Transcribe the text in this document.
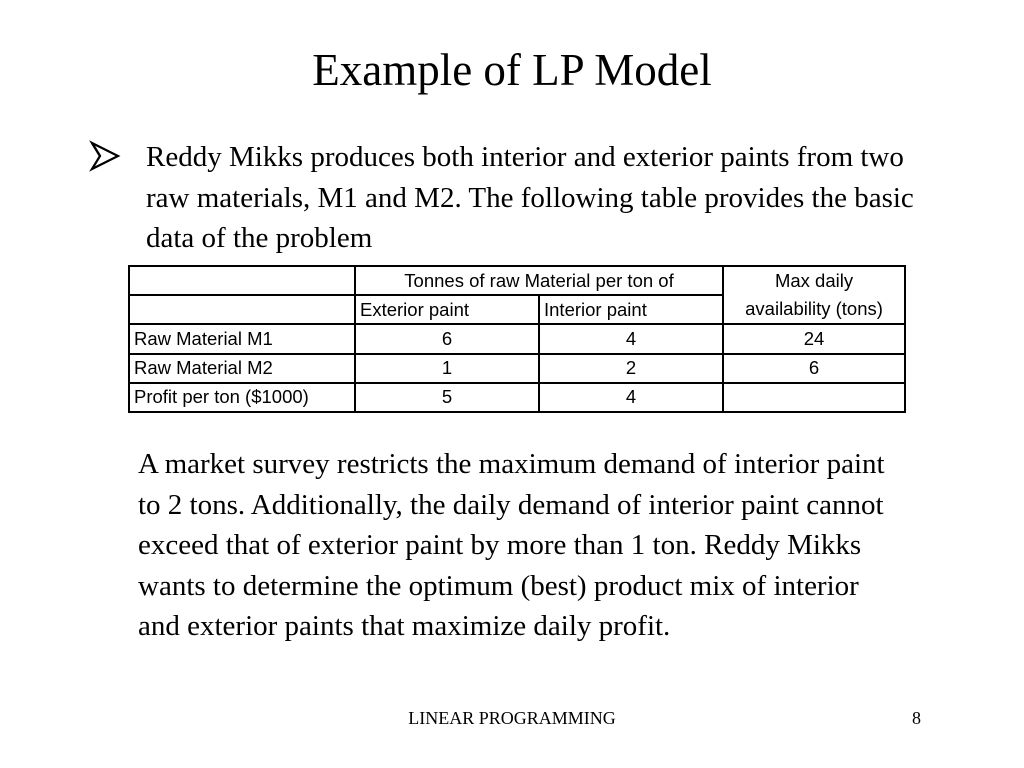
Example of LP Model
Reddy Mikks produces both interior and exterior paints from two raw materials, M1 and M2. The following table provides the basic data of the problem
	Tonnes of raw Material per ton of		Max daily
	Exterior paint	Interior paint	availability (tons)
Raw Material M1	6	4	24
Raw Material M2	1	2	6
Profit per ton ($1000)	5	4	
A market survey restricts the maximum demand of interior paint to 2 tons. Additionally, the daily demand of interior paint cannot exceed that of exterior paint by more than 1 ton. Reddy Mikks wants to determine the optimum (best) product mix of interior and exterior paints that maximize daily profit.
LINEAR PROGRAMMING	8
